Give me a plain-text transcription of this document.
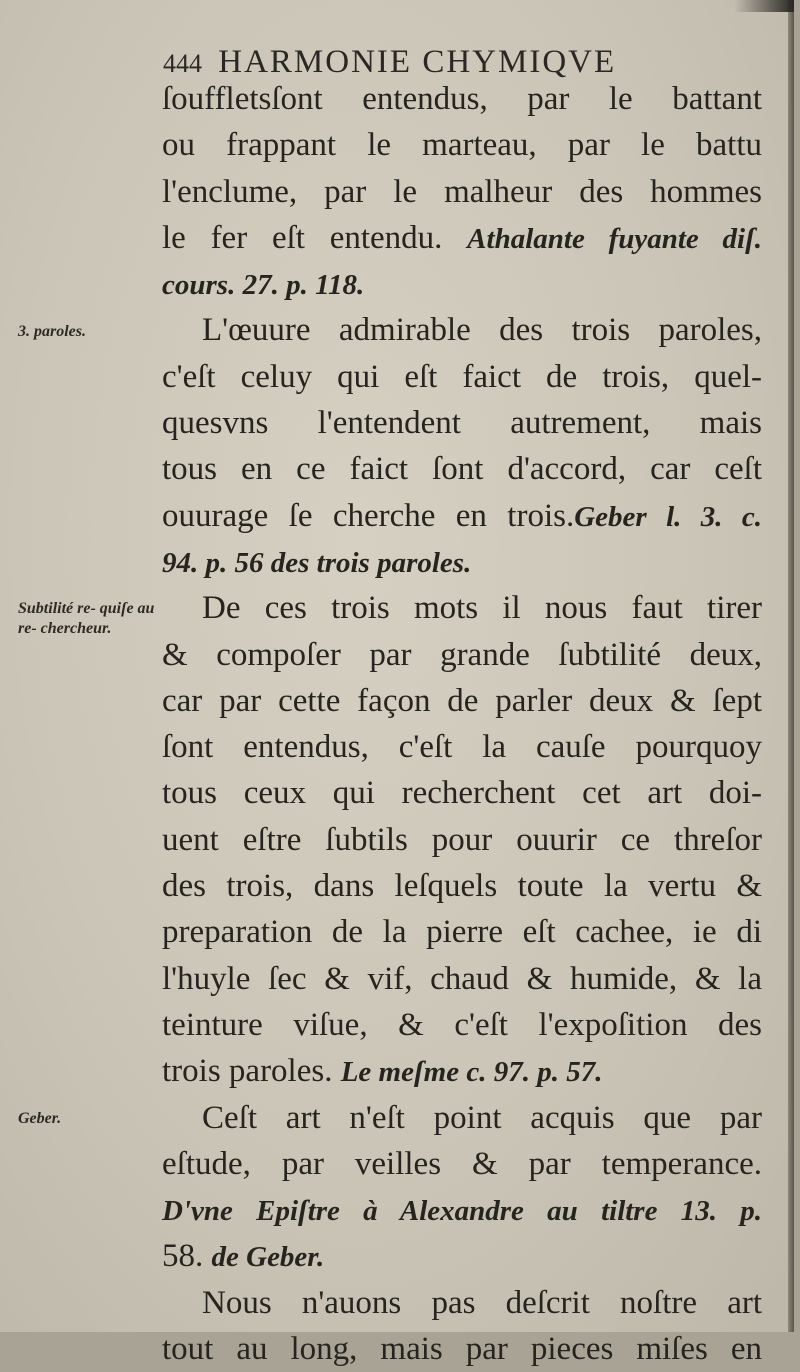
444 HARMONIE CHYMIQVE
ſouffletsſont entendus, par le battant
ou frappant le marteau, par le battu
l'enclume, par le malheur des hommes
le fer eſt entendu. Athalante fuyante diſ.
cours. 27. p. 118.
L'œuure admirable des trois paroles,
c'eſt celuy qui eſt faict de trois, quel-
quesvns l'entendent autrement, mais
tous en ce faict ſont d'accord, car ceſt
ouurage ſe cherche en trois.Geber l. 3. c.
94. p. 56 des trois paroles.
De ces trois mots il nous faut tirer
& compoſer par grande ſubtilité deux,
car par cette façon de parler deux & ſept
ſont entendus, c'eſt la cauſe pourquoy
tous ceux qui recherchent cet art doi-
uent eſtre ſubtils pour ouurir ce threſor
des trois, dans leſquels toute la vertu &
preparation de la pierre eſt cachee, ie di
l'huyle ſec & vif, chaud & humide, & la
teinture viſue, & c'eſt l'expoſition des
trois paroles. Le meſme c. 97. p. 57.
Ceſt art n'eſt point acquis que par
eſtude, par veilles & par temperance.
D'vne Epiſtre à Alexandre au tiltre 13. p.
58. de Geber.
Nous n'auons pas deſcrit noſtre art
tout au long, mais par pieces miſes en
3. paroles.
Subtilité re- quiſe au re- chercheur.
Geber.
